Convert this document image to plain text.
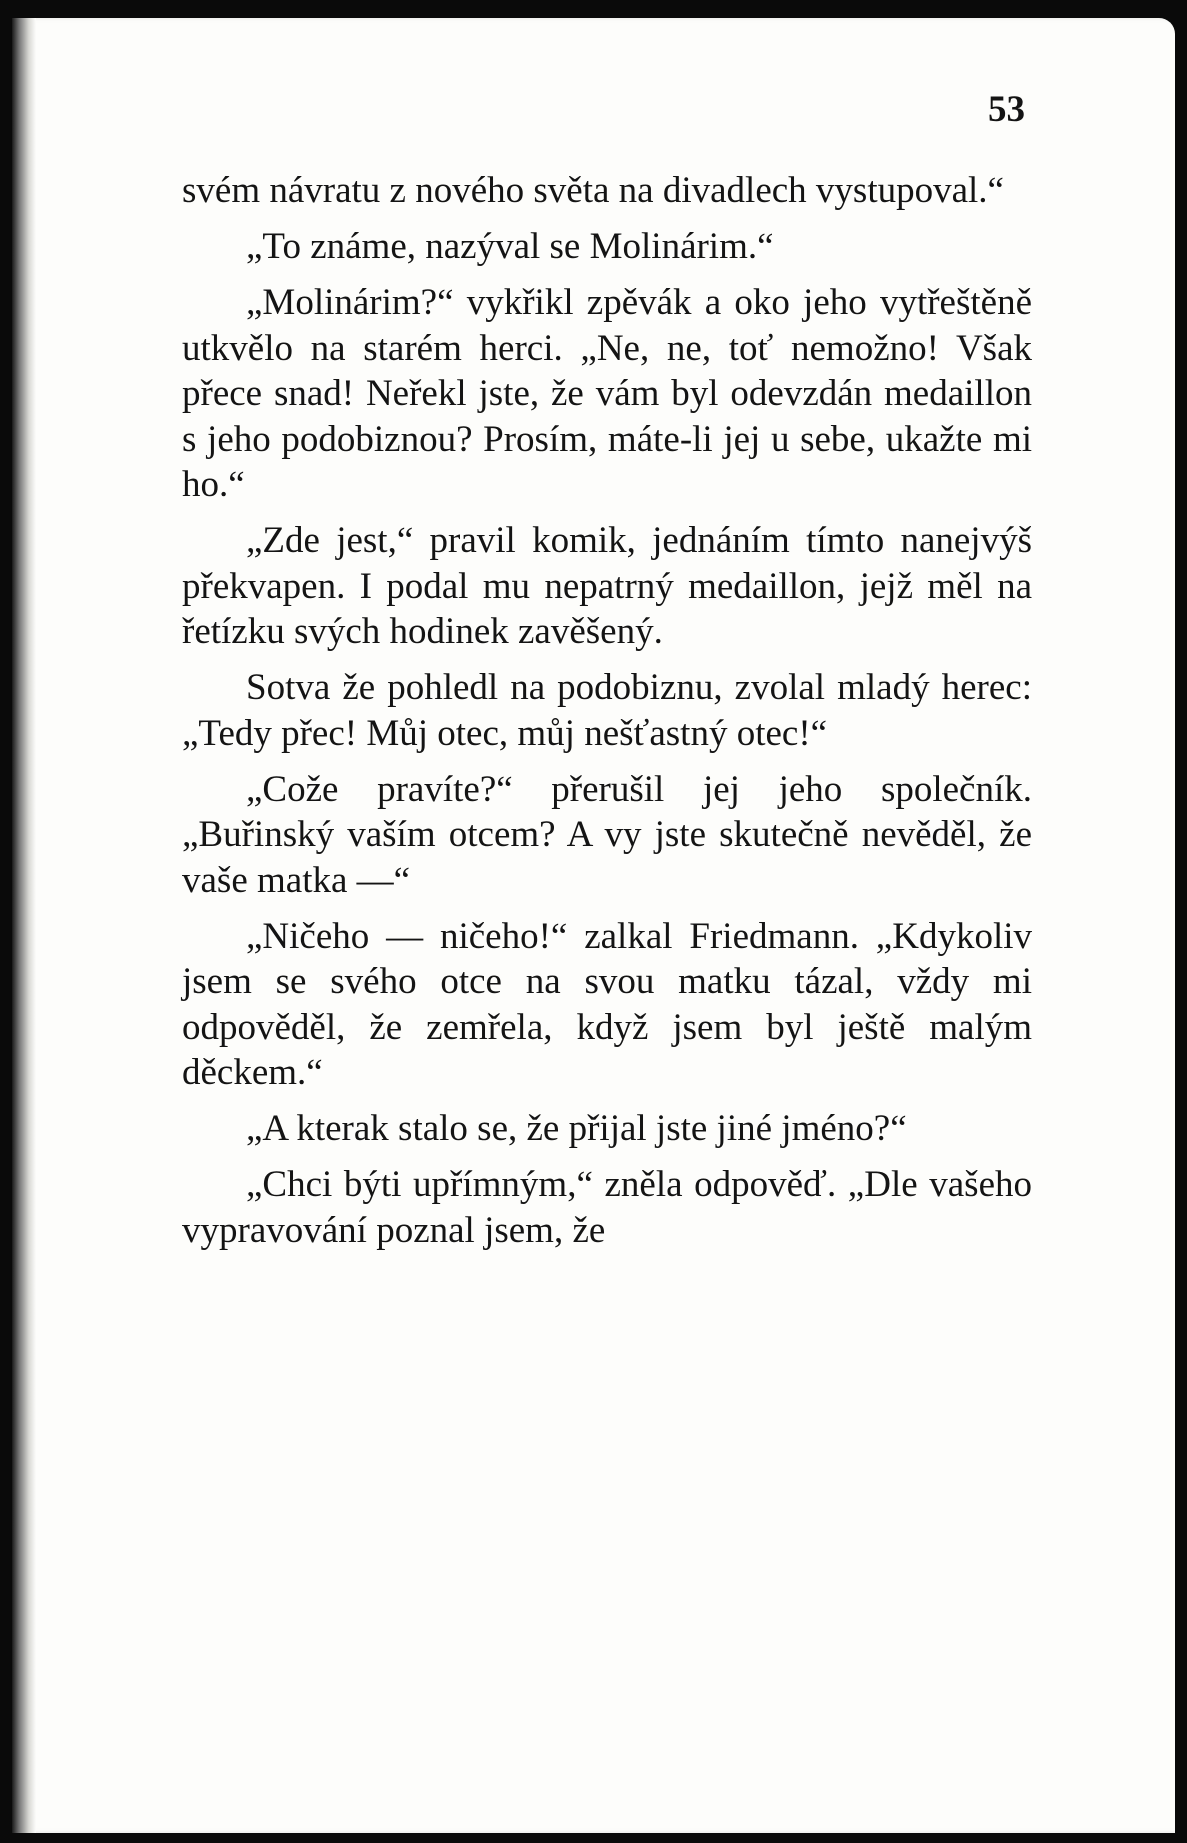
53

svém návratu z nového světa na divadlech vystupoval.“

„To známe, nazýval se Molinárim.“

„Molinárim?“ vykřikl zpěvák a oko jeho vytřeštěně utkvělo na starém herci. „Ne, ne, toť nemožno! Však přece snad! Neřekl jste, že vám byl odevzdán medaillon s jeho podobiznou? Prosím, máte-li jej u sebe, ukažte mi ho.“

„Zde jest,“ pravil komik, jednáním tímto nanejvýš překvapen. I podal mu nepatrný medaillon, jejž měl na řetízku svých hodinek zavěšený.

Sotva že pohledl na podobiznu, zvolal mladý herec: „Tedy přec! Můj otec, můj nešťastný otec!“

„Cože pravíte?“ přerušil jej jeho společník. „Buřinský vaším otcem? A vy jste skutečně nevěděl, že vaše matka —“

„Ničeho — ničeho!“ zalkal Friedmann. „Kdykoliv jsem se svého otce na svou matku tázal, vždy mi odpověděl, že zemřela, když jsem byl ještě malým děckem.“

„A kterak stalo se, že přijal jste jiné jméno?“

„Chci býti upřímným,“ zněla odpověď. „Dle vašeho vypravování poznal jsem, že
